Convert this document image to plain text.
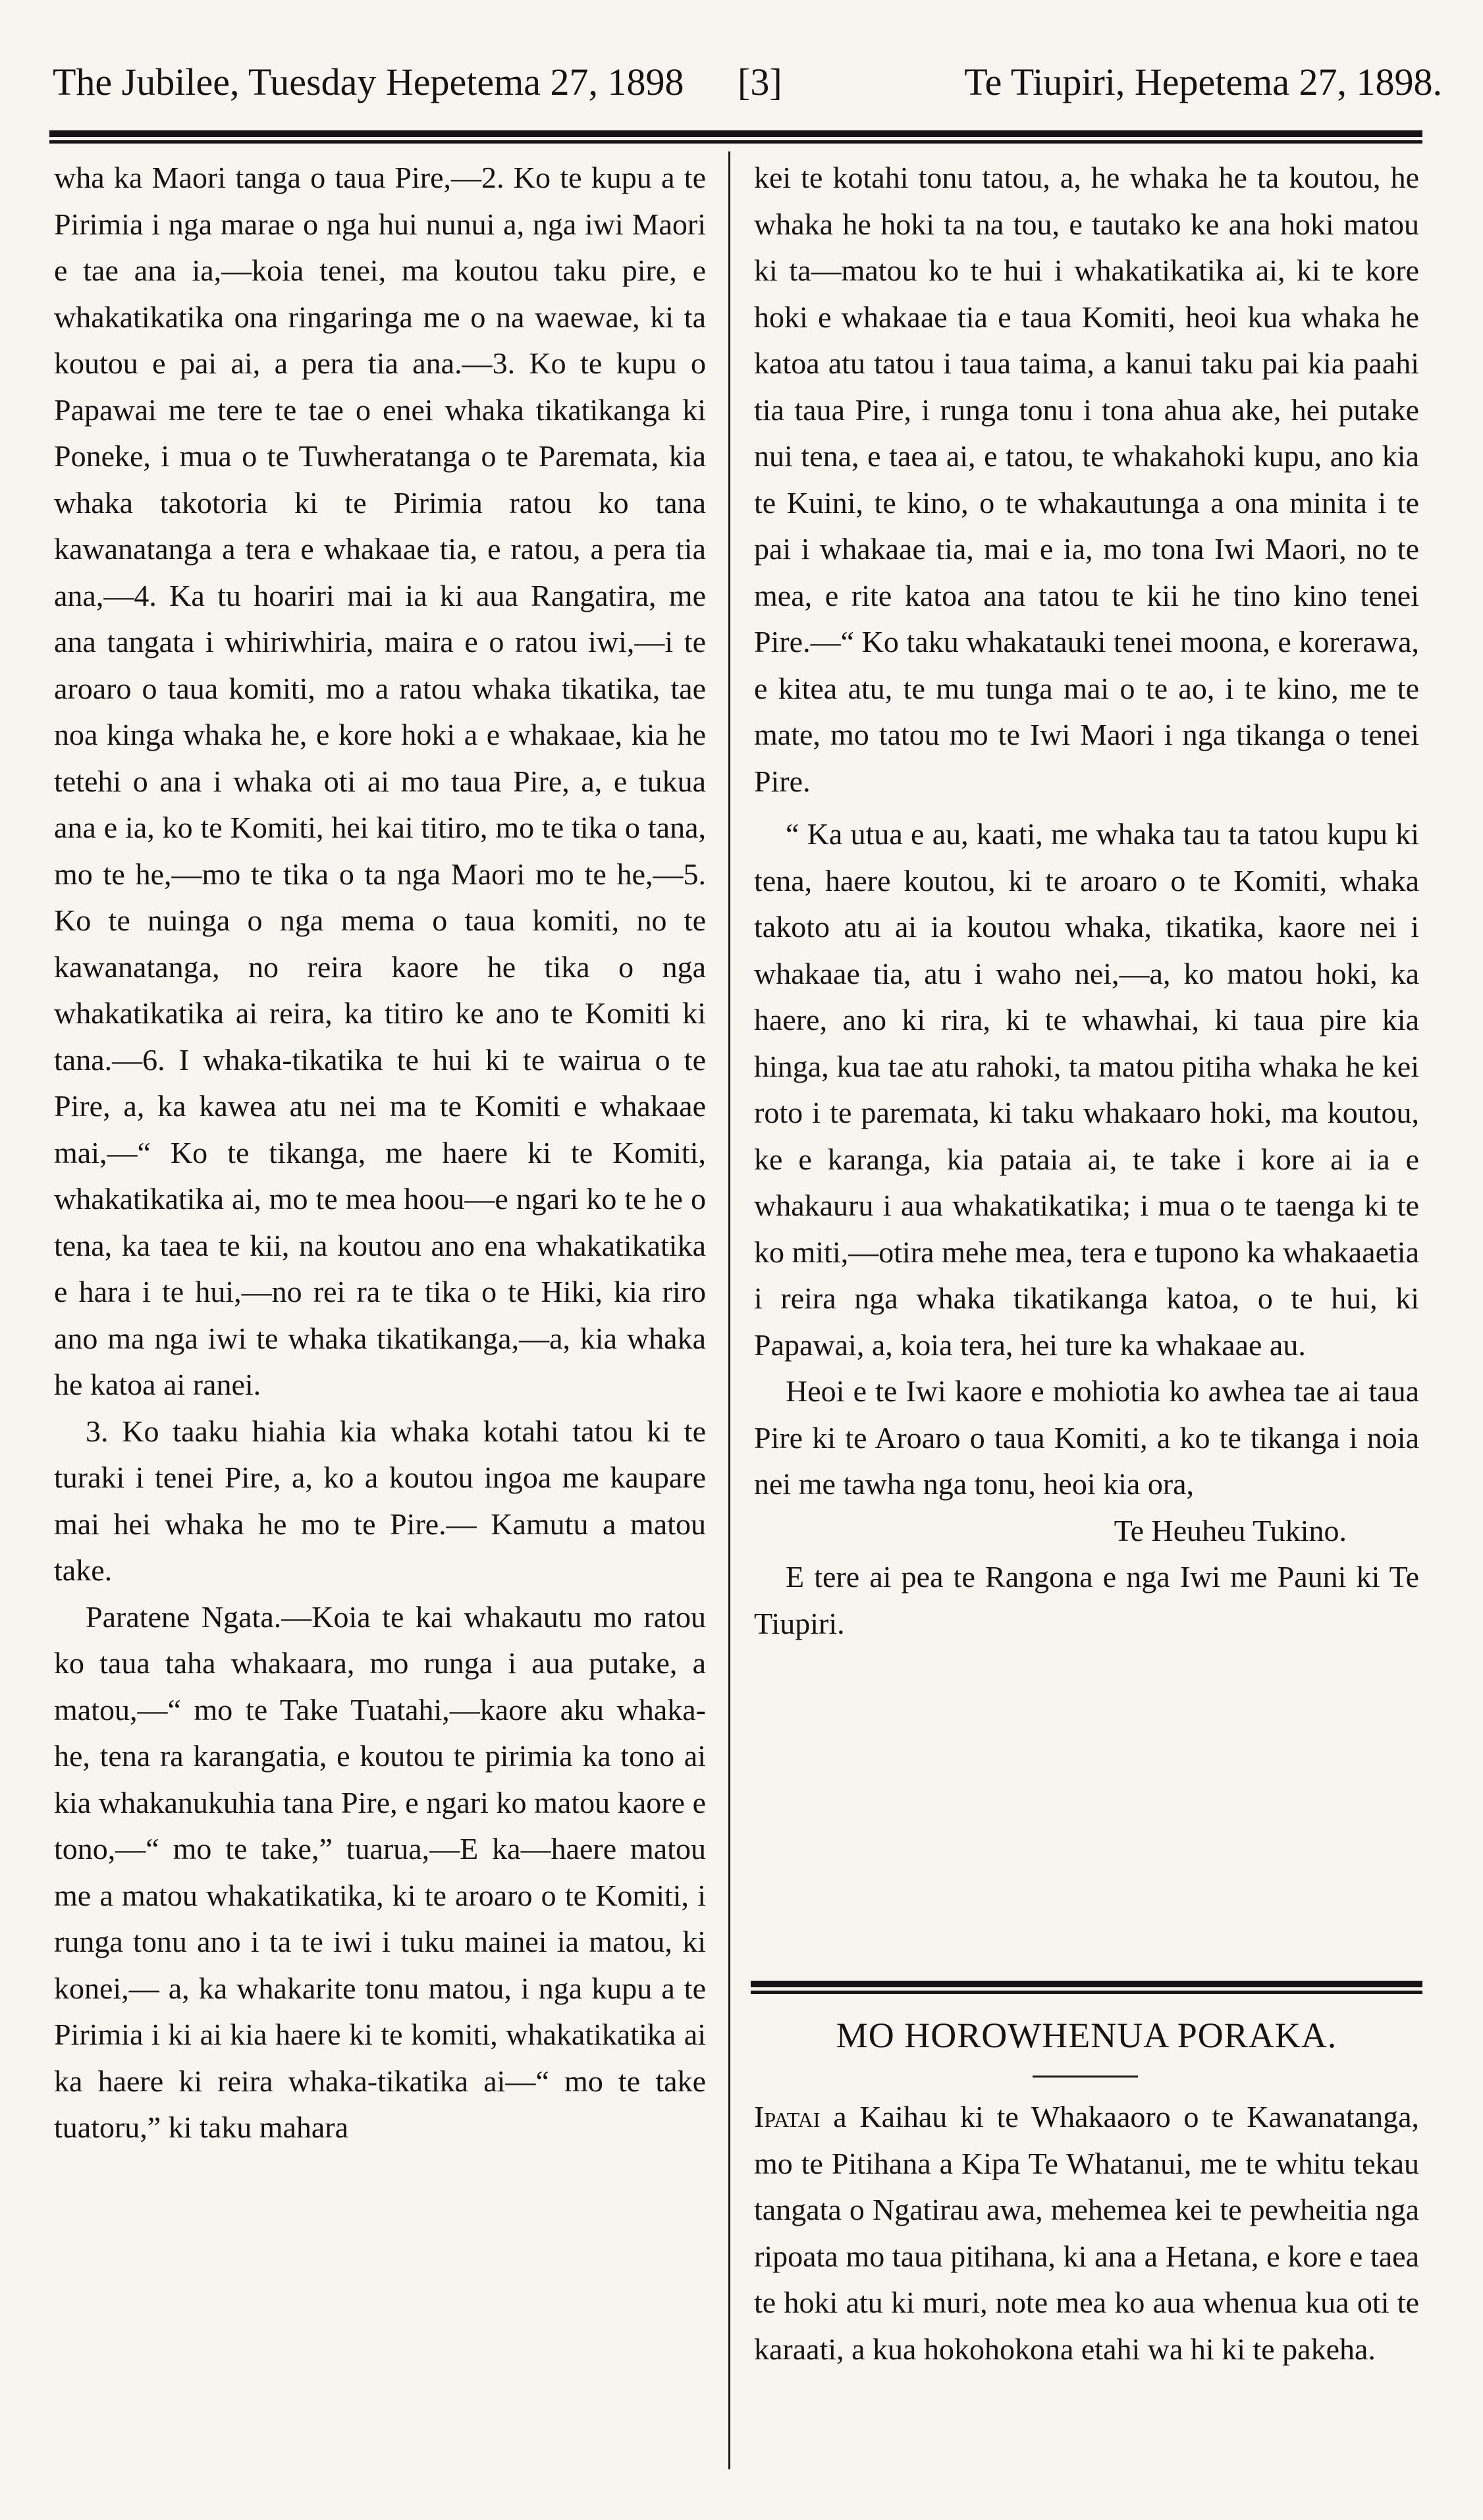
The Jubilee, Tuesday Hepetema 27, 1898 [3]	Te Tiupiri, Hepetema 27, 1898.

wha ka Maori tanga o taua Pire,—2. Ko te kupu a te Pirimia i nga marae o nga hui nunui a, nga iwi Maori e tae ana ia,—koia tenei, ma koutou taku pire, e whakatikatika ona ringaringa me o na waewae, ki ta koutou e pai ai, a pera tia ana.—3. Ko te kupu o Papawai me tere te tae o enei whaka tikatikanga ki Poneke, i mua o te Tuwheratanga o te Paremata, kia whaka takotoria ki te Pirimia ratou ko tana kawanatanga a tera e whakaae tia, e ratou, a pera tia ana,—4. Ka tu hoariri mai ia ki aua Rangatira, me ana tangata i whiriwhiria, maira e o ratou iwi,—i te aroaro o taua komiti, mo a ratou whaka tikatika, tae noa kinga whaka he, e kore hoki a e whakaae, kia he tetehi o ana i whaka oti ai mo taua Pire, a, e tukua ana e ia, ko te Komiti, hei kai titiro, mo te tika o tana, mo te he,—mo te tika o ta nga Maori mo te he,—5. Ko te nuinga o nga mema o taua komiti, no te kawanatanga, no reira kaore he tika o nga whakatikatika ai reira, ka titiro ke ano te Komiti ki tana.—6. I whaka-tikatika te hui ki te wairua o te Pire, a, ka kawea atu nei ma te Komiti e whakaae mai,—“ Ko te tikanga, me haere ki te Komiti, whakatikatika ai, mo te mea hoou—e ngari ko te he o tena, ka taea te kii, na koutou ano ena whakatikatika e hara i te hui,—no rei ra te tika o te Hiki, kia riro ano ma nga iwi te whaka tikatikanga,—a, kia whaka he katoa ai ranei.

3. Ko taaku hiahia kia whaka kotahi tatou ki te turaki i tenei Pire, a, ko a koutou ingoa me kaupare mai hei whaka he mo te Pire.— Kamutu a matou take.

Paratene Ngata.—Koia te kai whakautu mo ratou ko taua taha whakaara, mo runga i aua putake, a matou,—“ mo te Take Tuatahi,—kaore aku whaka-he, tena ra karangatia, e koutou te pirimia ka tono ai kia whakanukuhia tana Pire, e ngari ko matou kaore e tono,—“ mo te take,” tuarua,—E ka—haere matou me a matou whakatikatika, ki te aroaro o te Komiti, i runga tonu ano i ta te iwi i tuku mainei ia matou, ki konei,— a, ka whakarite tonu matou, i nga kupu a te Pirimia i ki ai kia haere ki te komiti, whakatikatika ai ka haere ki reira whaka-tikatika ai—“ mo te take tuatoru,” ki taku mahara

kei te kotahi tonu tatou, a, he whaka he ta koutou, he whaka he hoki ta na tou, e tautako ke ana hoki matou ki ta—matou ko te hui i whakatikatika ai, ki te kore hoki e whakaae tia e taua Komiti, heoi kua whaka he katoa atu tatou i taua taima, a kanui taku pai kia paahi tia taua Pire, i runga tonu i tona ahua ake, hei putake nui tena, e taea ai, e tatou, te whakahoki kupu, ano kia te Kuini, te kino, o te whakautunga a ona minita i te pai i whakaae tia, mai e ia, mo tona Iwi Maori, no te mea, e rite katoa ana tatou te kii he tino kino tenei Pire.—“ Ko taku whakatauki tenei moona, e korerawa, e kitea atu, te mu tunga mai o te ao, i te kino, me te mate, mo tatou mo te Iwi Maori i nga tikanga o tenei Pire.

“ Ka utua e au, kaati, me whaka tau ta tatou kupu ki tena, haere koutou, ki te aroaro o te Komiti, whaka takoto atu ai ia koutou whaka, tikatika, kaore nei i whakaae tia, atu i waho nei,—a, ko matou hoki, ka haere, ano ki rira, ki te whawhai, ki taua pire kia hinga, kua tae atu rahoki, ta matou pitiha whaka he kei roto i te paremata, ki taku whakaaro hoki, ma koutou, ke e karanga, kia pataia ai, te take i kore ai ia e whakauru i aua whakatikatika; i mua o te taenga ki te ko miti,—otira mehe mea, tera e tupono ka whakaaetia i reira nga whaka tikatikanga katoa, o te hui, ki Papawai, a, koia tera, hei ture ka whakaae au.

Heoi e te Iwi kaore e mohiotia ko awhea tae ai taua Pire ki te Aroaro o taua Komiti, a ko te tikanga i noia nei me tawha nga tonu, heoi kia ora,

Te Heuheu Tukino.

E tere ai pea te Rangona e nga Iwi me Pauni ki Te Tiupiri.

MO HOROWHENUA PORAKA.

Ipatai a Kaihau ki te Whakaaoro o te Kawanatanga, mo te Pitihana a Kipa Te Whatanui, me te whitu tekau tangata o Ngatirau awa, mehemea kei te pewheitia nga ripoata mo taua pitihana, ki ana a Hetana, e kore e taea te hoki atu ki muri, note mea ko aua whenua kua oti te karaati, a kua hokohokona etahi wa hi ki te pakeha.
